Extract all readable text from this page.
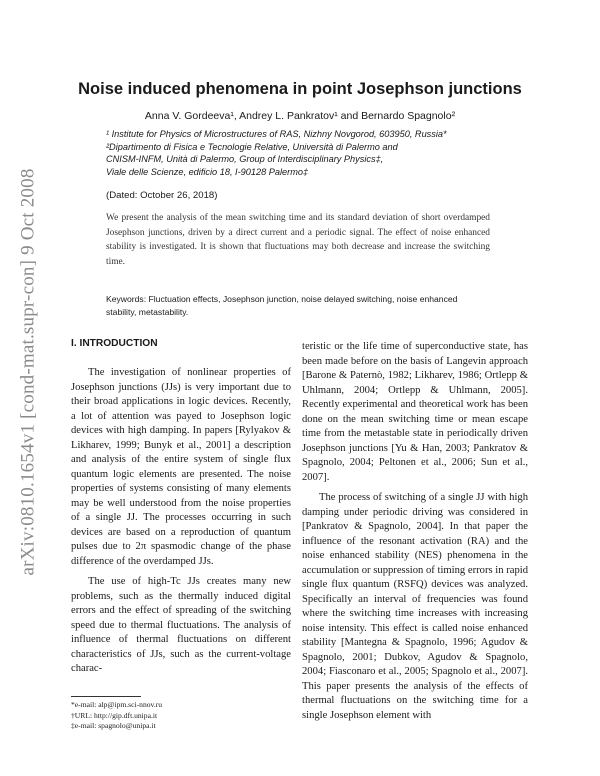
arXiv:0810.1654v1 [cond-mat.supr-con] 9 Oct 2008
Noise induced phenomena in point Josephson junctions
Anna V. Gordeeva¹, Andrey L. Pankratov¹ and Bernardo Spagnolo²
¹ Institute for Physics of Microstructures of RAS, Nizhny Novgorod, 603950, Russia*
²Dipartimento di Fisica e Tecnologie Relative, Università di Palermo and
CNISM-INFM, Unità di Palermo, Group of Interdisciplinary Physics‡,
Viale delle Scienze, edificio 18, I-90128 Palermo‡
(Dated: October 26, 2018)

We present the analysis of the mean switching time and its standard deviation of short overdamped Josephson junctions, driven by a direct current and a periodic signal. The effect of noise enhanced stability is investigated. It is shown that fluctuations may both decrease and increase the switching time.

Keywords: Fluctuation effects, Josephson junction, noise delayed switching, noise enhanced stability, metastability.
I. INTRODUCTION

The investigation of nonlinear properties of Josephson junctions (JJs) is very important due to their broad applications in logic devices. Recently, a lot of attention was payed to Josephson logic devices with high damping. In papers [Rylyakov & Likharev, 1999; Bunyk et al., 2001] a description and analysis of the entire system of single flux quantum logic elements are presented. The noise properties of systems consisting of many elements may be well understood from the noise properties of a single JJ. The processes occurring in such devices are based on a reproduction of quantum pulses due to 2π spasmodic change of the phase difference of the overdamped JJs.

The use of high-Tc JJs creates many new problems, such as the thermally induced digital errors and the effect of spreading of the switching speed due to thermal fluctuations. The analysis of influence of thermal fluctuations on different characteristics of JJs, such as the current-voltage charac-

teristic or the life time of superconductive state, has been made before on the basis of Langevin approach [Barone & Paternò, 1982; Likharev, 1986; Ortlepp & Uhlmann, 2004; Ortlepp & Uhlmann, 2005]. Recently experimental and theoretical work has been done on the mean switching time or mean escape time from the metastable state in periodically driven Josephson junctions [Yu & Han, 2003; Pankratov & Spagnolo, 2004; Peltonen et al., 2006; Sun et al., 2007].

The process of switching of a single JJ with high damping under periodic driving was considered in [Pankratov & Spagnolo, 2004]. In that paper the influence of the resonant activation (RA) and the noise enhanced stability (NES) phenomena in the accumulation or suppression of timing errors in rapid single flux quantum (RSFQ) devices was analyzed. Specifically an interval of frequencies was found where the switching time increases with increasing noise intensity. This effect is called noise enhanced stability [Mantegna & Spagnolo, 1996; Agudov & Spagnolo, 2001; Dubkov, Agudov & Spagnolo, 2004; Fiasconaro et al., 2005; Spagnolo et al., 2007]. This paper presents the analysis of the effects of thermal fluctuations on the switching time for a single Josephson element with

*e-mail: alp@ipm.sci-nnov.ru
†URL: http://gip.dft.unipa.it
‡e-mail: spagnolo@unipa.it
